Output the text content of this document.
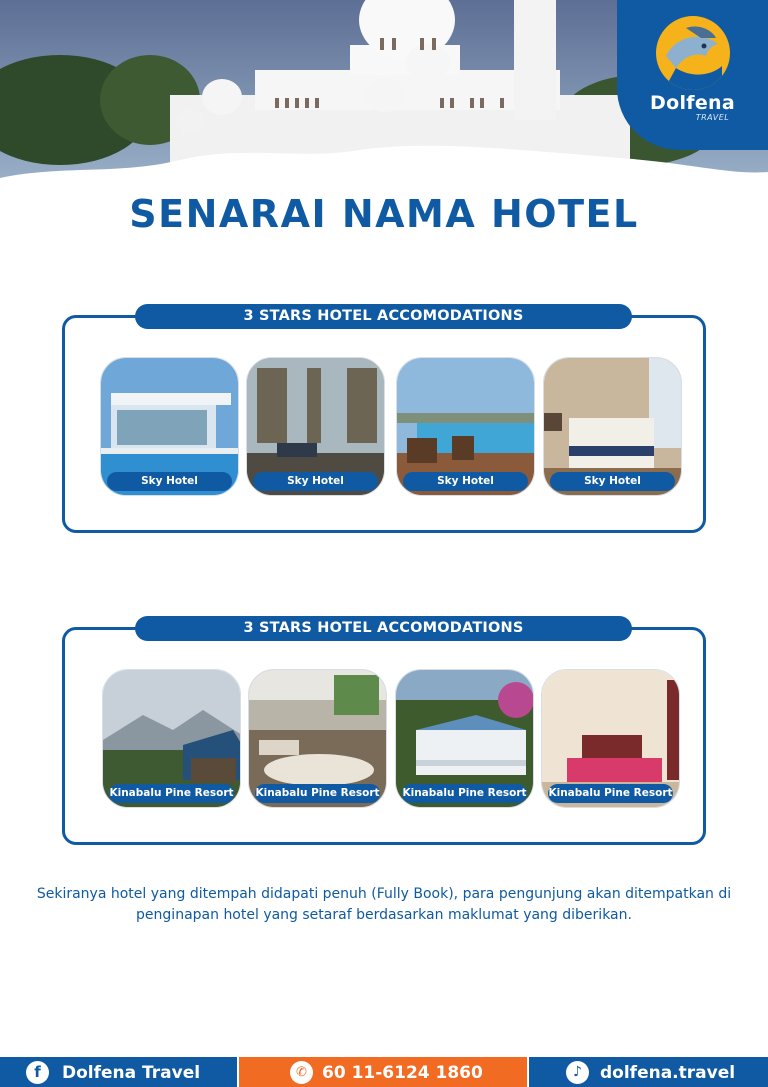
Dolfena
TRAVEL
SENARAI NAMA HOTEL
3 STARS HOTEL ACCOMODATIONS
Sky Hotel	Sky Hotel	Sky Hotel	Sky Hotel
3 STARS HOTEL ACCOMODATIONS
Kinabalu Pine Resort Kinabalu Pine Resort Kinabalu Pine Resort Kinabalu Pine Resort

Sekiranya hotel yang ditempah didapati penuh (Fully Book), para pengunjung akan ditempatkan di penginapan hotel yang setaraf berdasarkan maklumat yang diberikan.

f	Dolfena Travel	✆ 60 11-6124 1860	♪	dolfena.travel
